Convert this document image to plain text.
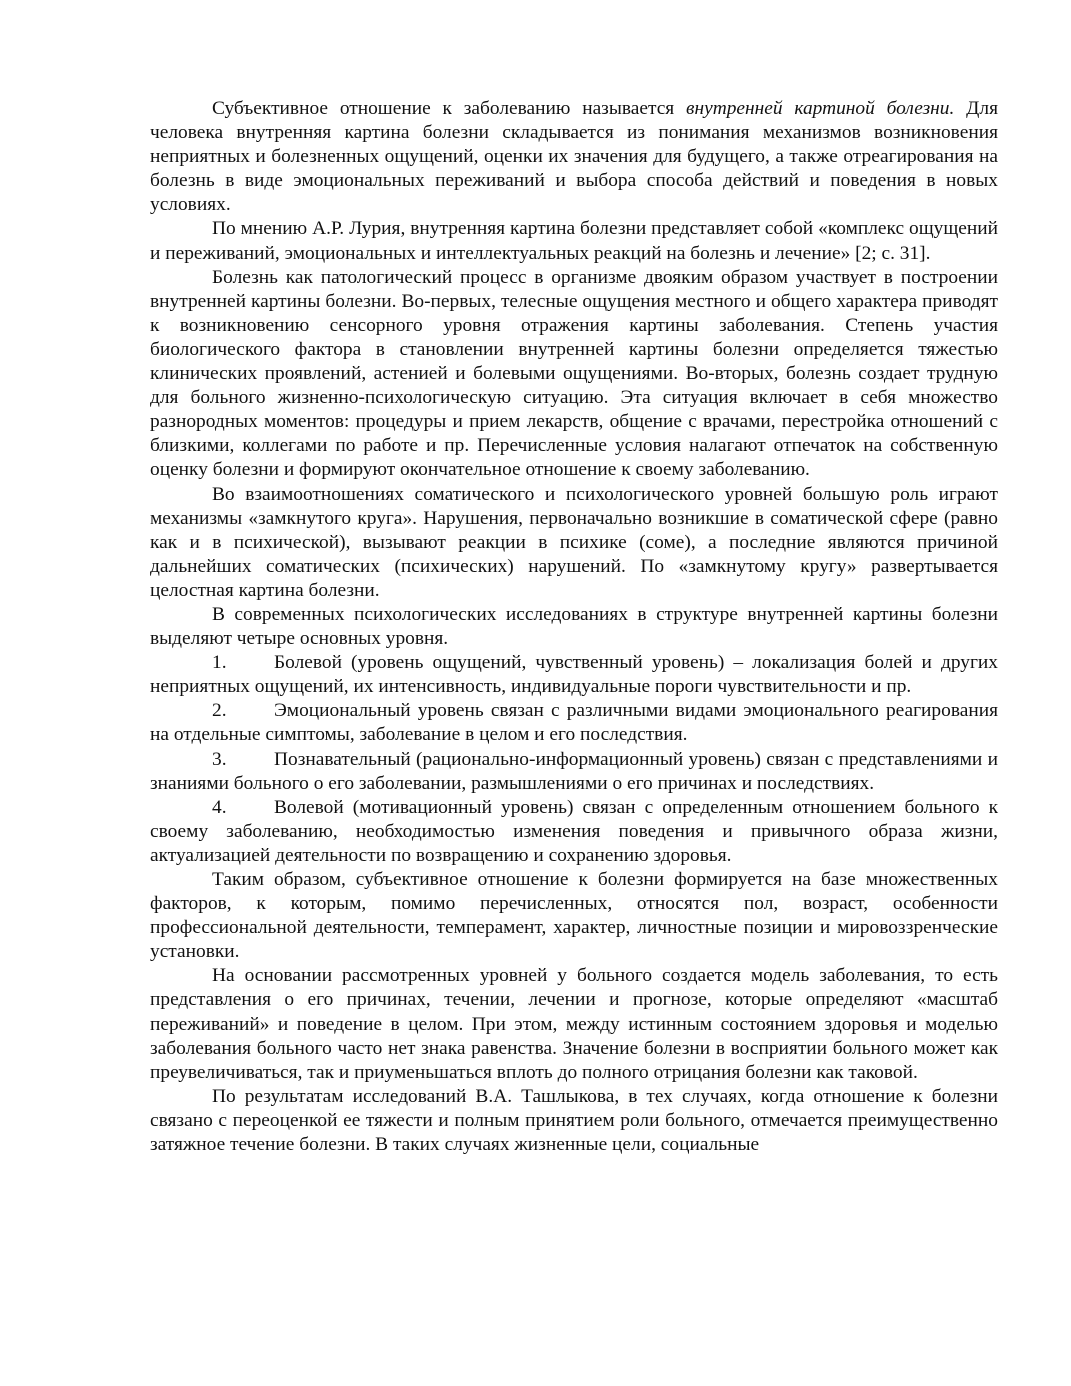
Субъективное отношение к заболеванию называется внутренней картиной болезни. Для человека внутренняя картина болезни складывается из понимания механизмов возникновения неприятных и болезненных ощущений, оценки их значения для будущего, а также отреагирования на болезнь в виде эмоциональных переживаний и выбора способа действий и поведения в новых условиях.

По мнению А.Р. Лурия, внутренняя картина болезни представляет собой «комплекс ощущений и переживаний, эмоциональных и интеллектуальных реакций на болезнь и лечение» [2; с. 31].

Болезнь как патологический процесс в организме двояким образом участвует в построении внутренней картины болезни. Во-первых, телесные ощущения местного и общего характера приводят к возникновению сенсорного уровня отражения картины заболевания. Степень участия биологического фактора в становлении внутренней картины болезни определяется тяжестью клинических проявлений, астенией и болевыми ощущениями. Во-вторых, болезнь создает трудную для больного жизненно-психологическую ситуацию. Эта ситуация включает в себя множество разнородных моментов: процедуры и прием лекарств, общение с врачами, перестройка отношений с близкими, коллегами по работе и пр. Перечисленные условия налагают отпечаток на собственную оценку болезни и формируют окончательное отношение к своему заболеванию.

Во взаимоотношениях соматического и психологического уровней большую роль играют механизмы «замкнутого круга». Нарушения, первоначально возникшие в соматической сфере (равно как и в психической), вызывают реакции в психике (соме), а последние являются причиной дальнейших соматических (психических) нарушений. По «замкнутому кругу» развертывается целостная картина болезни.

В современных психологических исследованиях в структуре внутренней картины болезни выделяют четыре основных уровня.

1. Болевой (уровень ощущений, чувственный уровень) – локализация болей и других неприятных ощущений, их интенсивность, индивидуальные пороги чувствительности и пр.

2. Эмоциональный уровень связан с различными видами эмоционального реагирования на отдельные симптомы, заболевание в целом и его последствия.

3. Познавательный (рационально-информационный уровень) связан с представлениями и знаниями больного о его заболевании, размышлениями о его причинах и последствиях.

4. Волевой (мотивационный уровень) связан с определенным отношением больного к своему заболеванию, необходимостью изменения поведения и привычного образа жизни, актуализацией деятельности по возвращению и сохранению здоровья.

Таким образом, субъективное отношение к болезни формируется на базе множественных факторов, к которым, помимо перечисленных, относятся пол, возраст, особенности профессиональной деятельности, темперамент, характер, личностные позиции и мировоззренческие установки.

На основании рассмотренных уровней у больного создается модель заболевания, то есть представления о его причинах, течении, лечении и прогнозе, которые определяют «масштаб переживаний» и поведение в целом. При этом, между истинным состоянием здоровья и моделью заболевания больного часто нет знака равенства. Значение болезни в восприятии больного может как преувеличиваться, так и приуменьшаться вплоть до полного отрицания болезни как таковой.

По результатам исследований В.А. Ташлыкова, в тех случаях, когда отношение к болезни связано с переоценкой ее тяжести и полным принятием роли больного, отмечается преимущественно затяжное течение болезни. В таких случаях жизненные цели, социальные
